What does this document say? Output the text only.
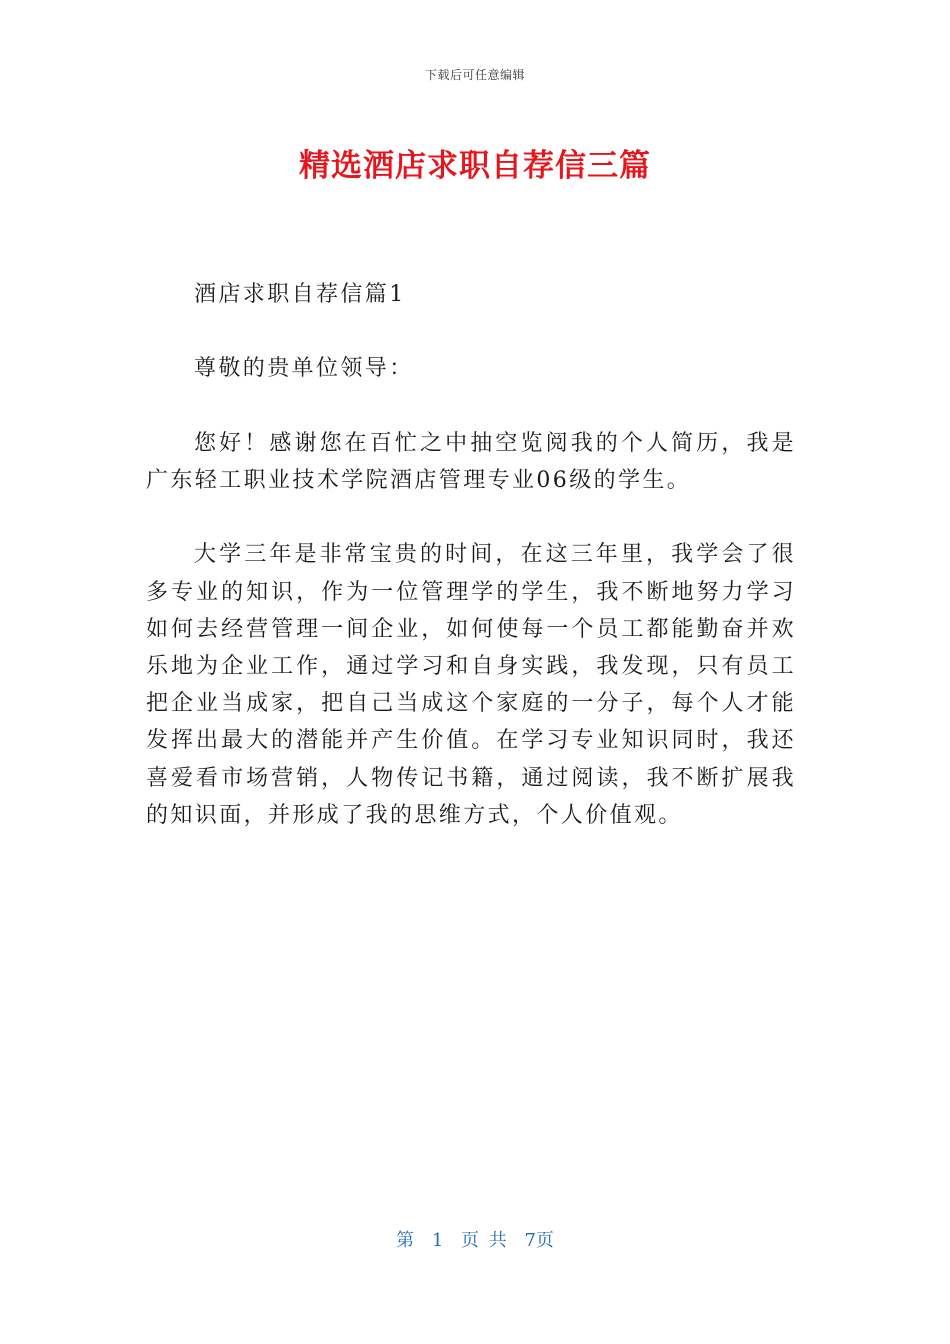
下载后可任意编辑
精选酒店求职自荐信三篇

酒店求职自荐信篇1

尊敬的贵单位领导：

您好！感谢您在百忙之中抽空览阅我的个人简历，我是广东轻工职业技术学院酒店管理专业06级的学生。

大学三年是非常宝贵的时间，在这三年里，我学会了很多专业的知识，作为一位管理学的学生，我不断地努力学习如何去经营管理一间企业，如何使每一个员工都能勤奋并欢乐地为企业工作，通过学习和自身实践，我发现，只有员工把企业当成家，把自己当成这个家庭的一分子，每个人才能发挥出最大的潜能并产生价值。在学习专业知识同时，我还喜爱看市场营销，人物传记书籍，通过阅读，我不断扩展我的知识面，并形成了我的思维方式，个人价值观。

第 1 页 共 7页
